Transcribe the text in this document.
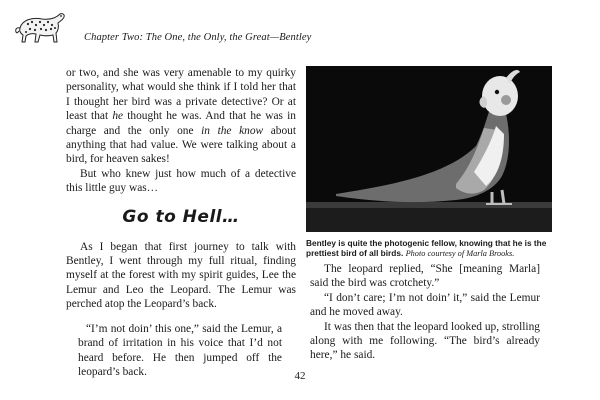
Chapter Two: The One, the Only, the Great—Bentley

or two, and she was very amenable to my quirky personality, what would she think if I told her that I thought her bird was a private detective? Or at least that he thought he was. And that he was in charge and the only one in the know about anything that had value. We were talking about a bird, for heaven sakes!

But who knew just how much of a detective this little guy was…

Go to Hell…

As I began that first journey to talk with Bentley, I went through my full ritual, finding myself at the forest with my spirit guides, Lee the Lemur and Leo the Leopard. The Lemur was perched atop the Leopard’s back.

“I’m not doin’ this one,” said the Lemur, a brand of irritation in his voice that I’d not heard before. He then jumped off the leopard’s back.

Bentley is quite the photogenic fellow, knowing that he is the prettiest bird of all birds. Photo courtesy of Marla Brooks.

The leopard replied, “She [meaning Marla] said the bird was crotchety.”

“I don’t care; I’m not doin’ it,” said the Lemur and he moved away.

It was then that the leopard looked up, strolling along with me following. “The bird’s already here,” he said.

42
